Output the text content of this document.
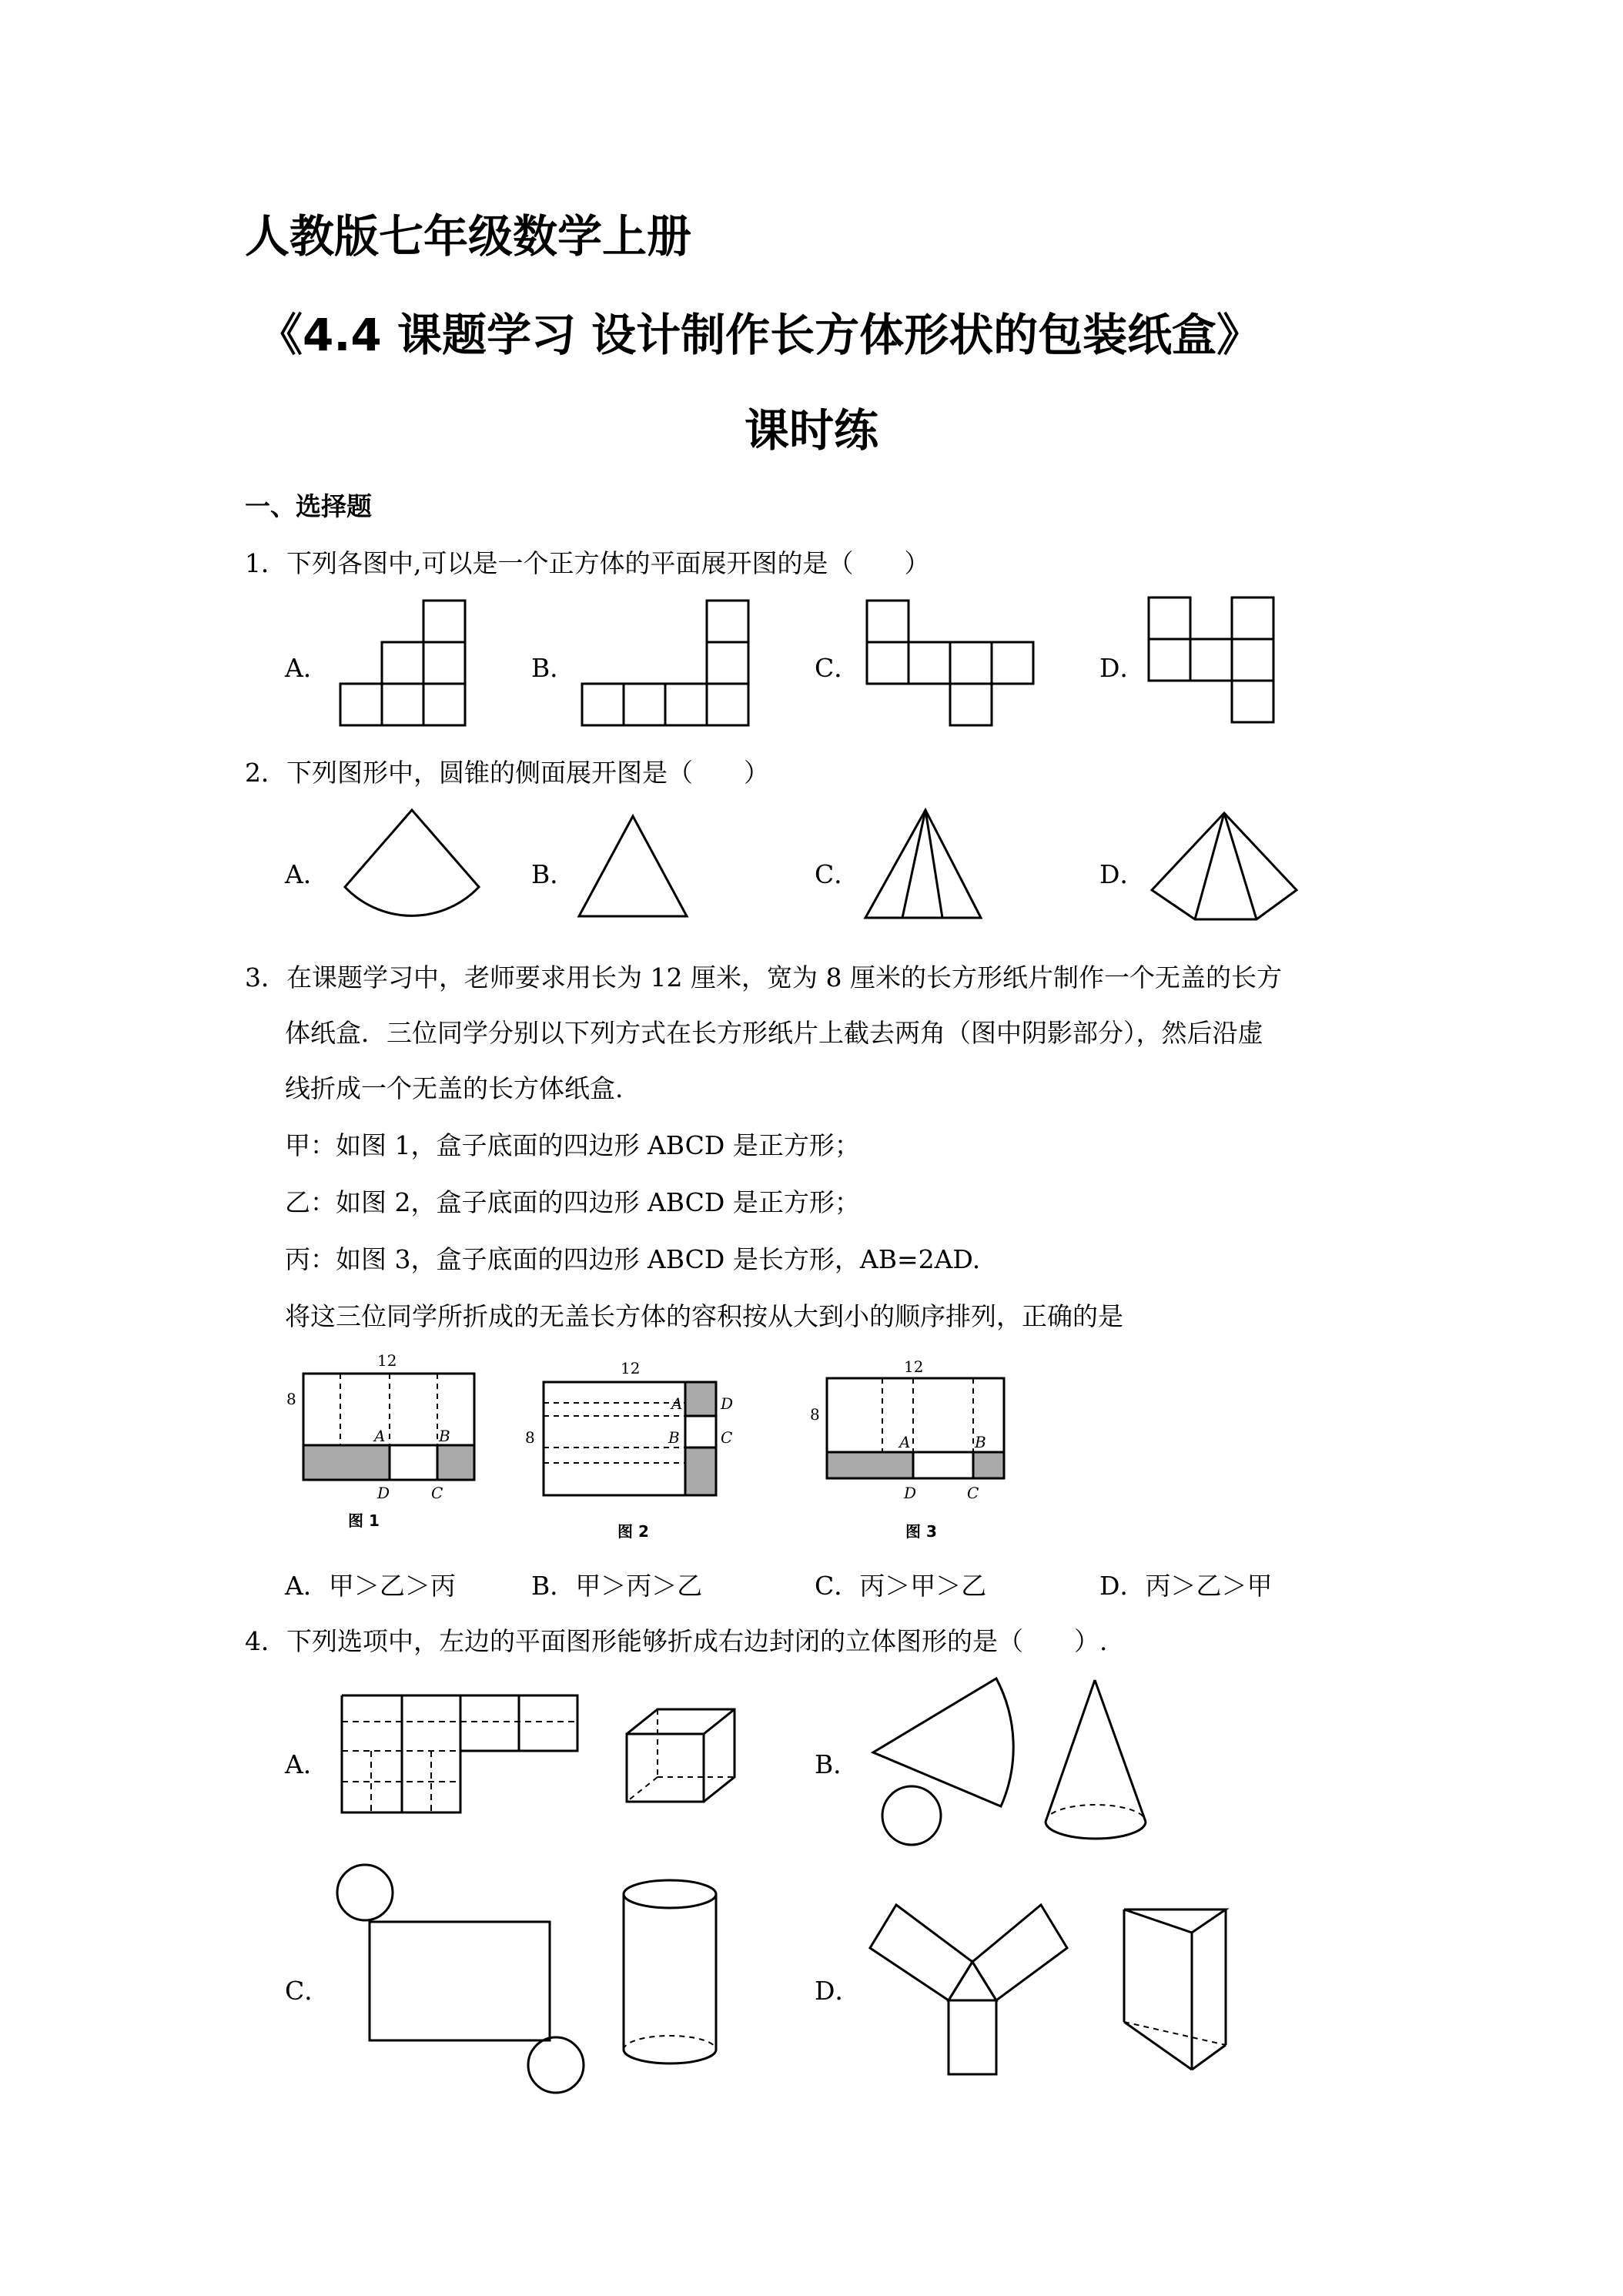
人教版七年级数学上册
《4.4 课题学习 设计制作长方体形状的包装纸盒》
课时练
一、选择题
1．下列各图中,可以是一个正方体的平面展开图的是（　　）
A．	B．	C．	D．
2．下列图形中，圆锥的侧面展开图是（　　）
A．	B．	C．	D．
3．在课题学习中，老师要求用长为 12 厘米，宽为 8 厘米的长方形纸片制作一个无盖的长方
体纸盒．三位同学分别以下列方式在长方形纸片上截去两角（图中阴影部分），然后沿虚
线折成一个无盖的长方体纸盒.
甲：如图 1，盒子底面的四边形 ABCD 是正方形；
乙：如图 2，盒子底面的四边形 ABCD 是正方形；
丙：如图 3，盒子底面的四边形 ABCD 是长方形，AB=2AD.
将这三位同学所折成的无盖长方体的容积按从大到小的顺序排列，正确的是
12
8
A	B
D	C
图 1
12
8
A D
B	C
图 2
12
8
A	B
D	C
图 3
A．甲＞乙＞丙	B．甲＞丙＞乙	C．丙＞甲＞乙	D．丙＞乙＞甲
4．下列选项中，左边的平面图形能够折成右边封闭的立体图形的是（　　）.
A．	B．
C．	D．
